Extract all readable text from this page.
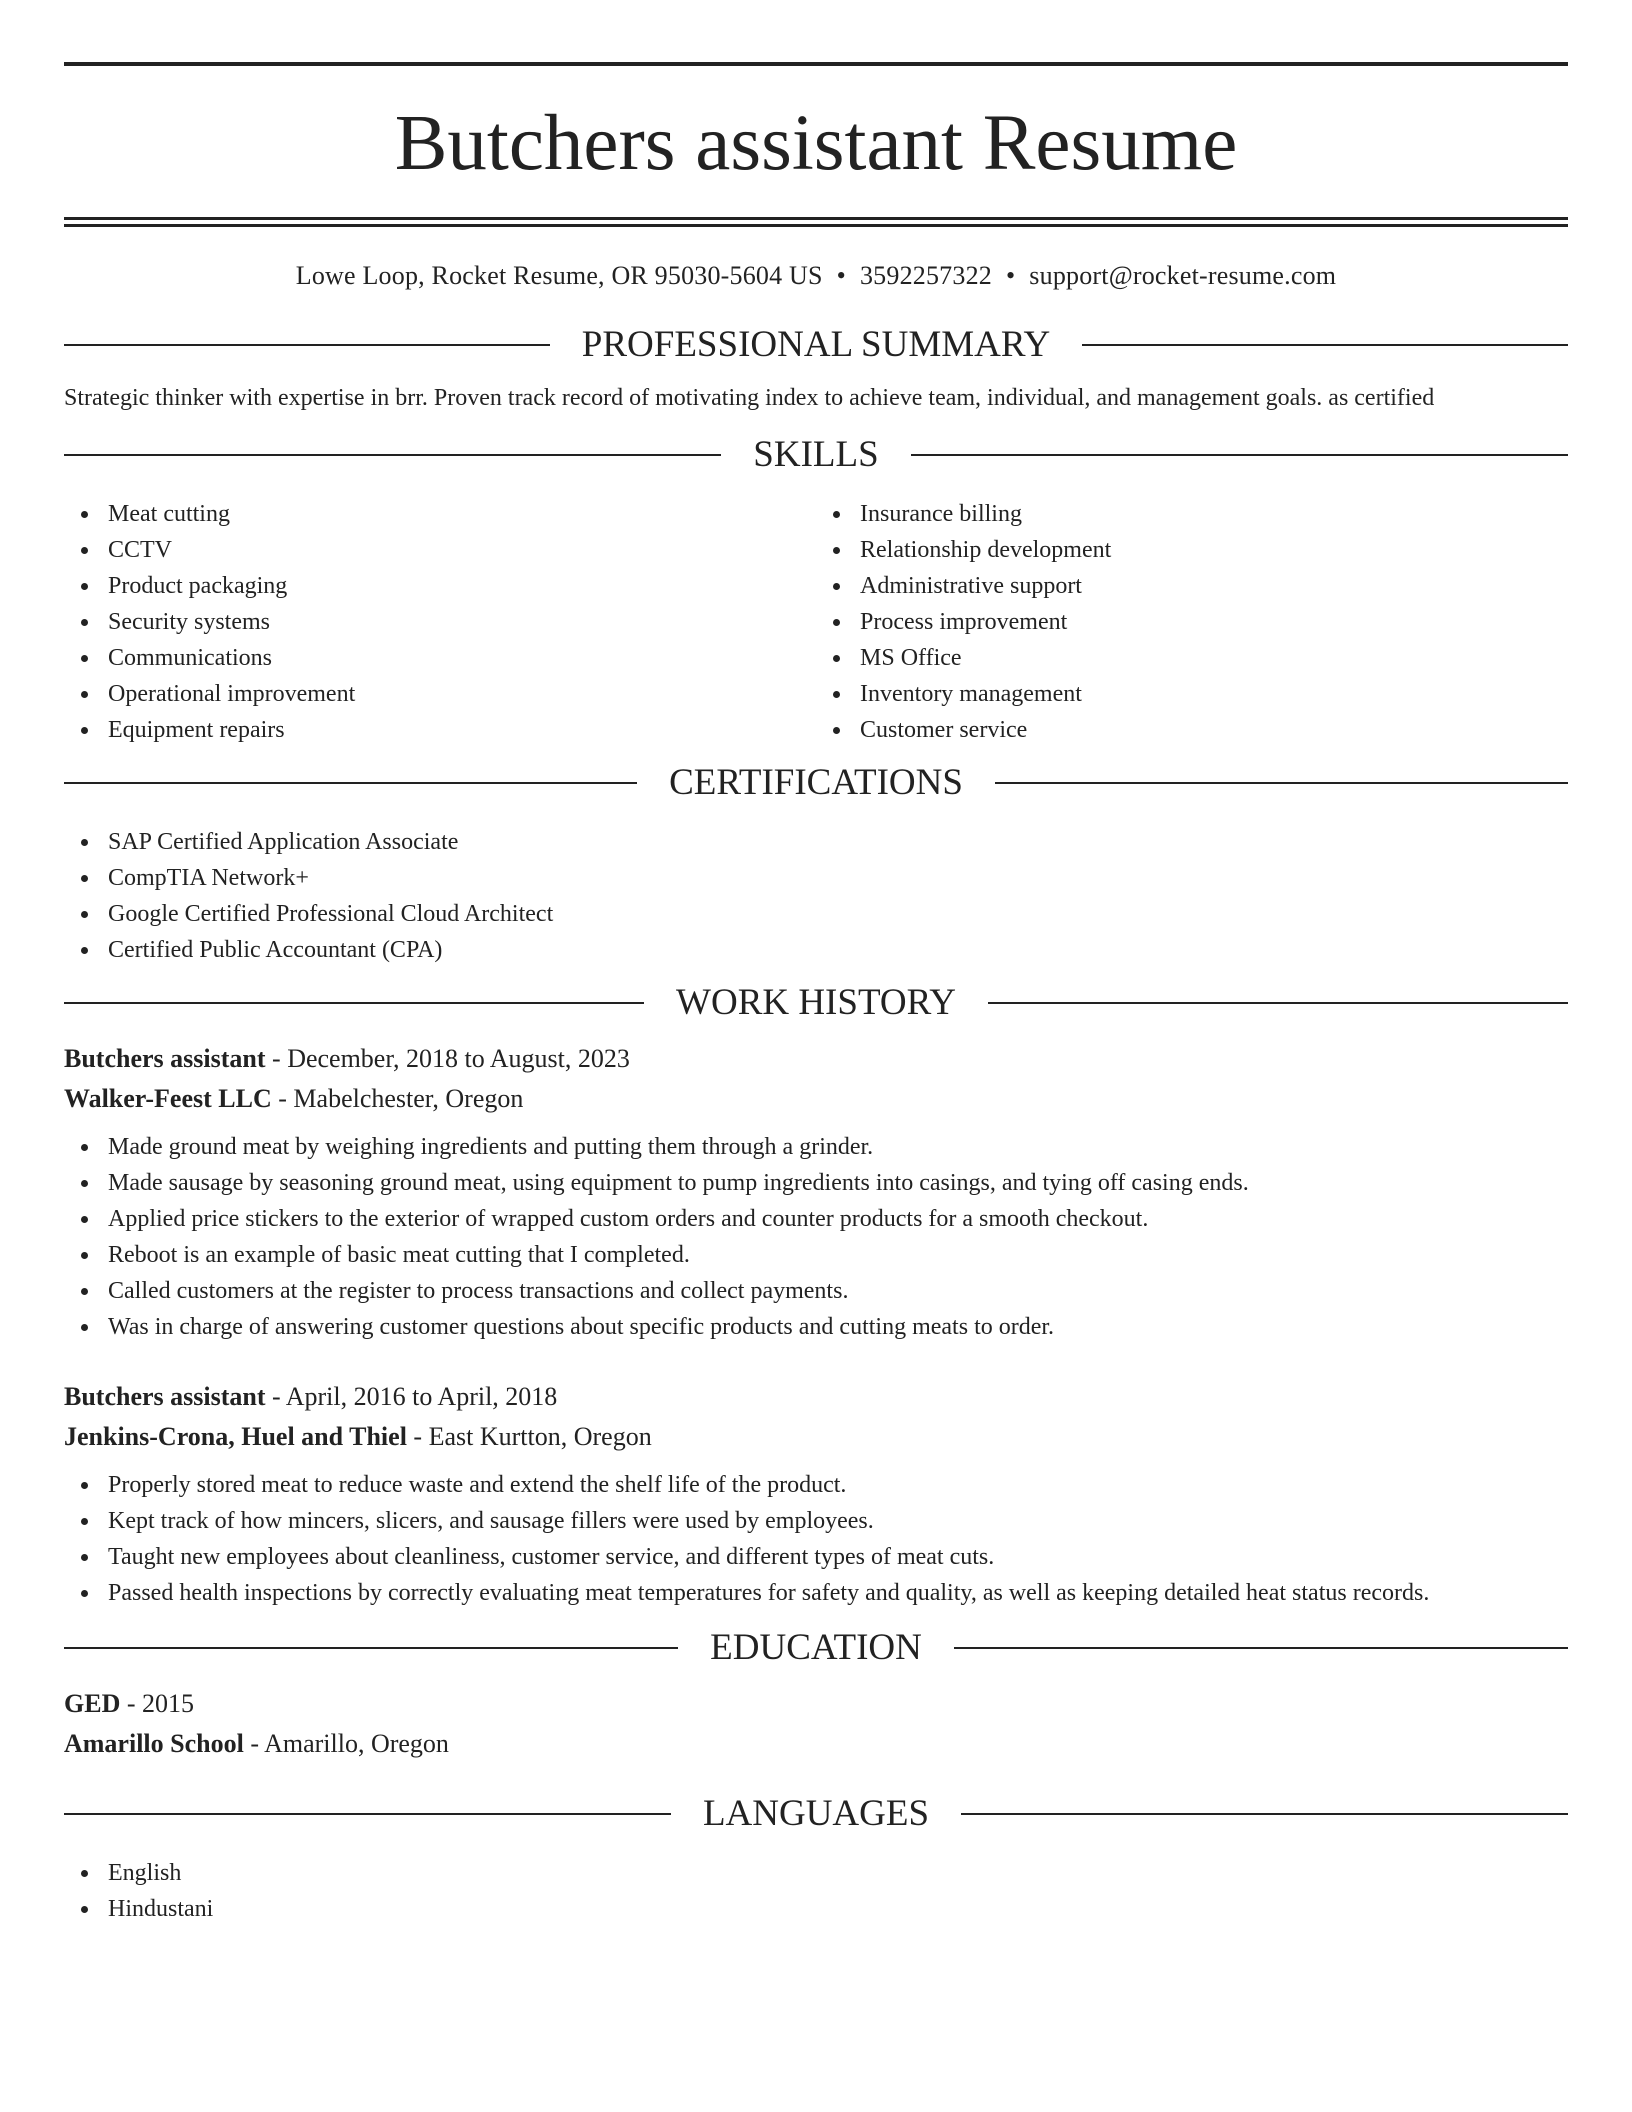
Butchers assistant Resume
Lowe Loop, Rocket Resume, OR 95030-5604 US • 3592257322 • support@rocket-resume.com
PROFESSIONAL SUMMARY

Strategic thinker with expertise in brr. Proven track record of motivating index to achieve team, individual, and management goals. as certified

SKILLS
Meat cutting
CCTV
Product packaging
Security systems
Communications
Operational improvement
Equipment repairs
Insurance billing
Relationship development
Administrative support
Process improvement
MS Office
Inventory management
Customer service
CERTIFICATIONS
SAP Certified Application Associate
CompTIA Network+
Google Certified Professional Cloud Architect
Certified Public Accountant (CPA)
WORK HISTORY
Butchers assistant - December, 2018 to August, 2023
Walker-Feest LLC - Mabelchester, Oregon
Made ground meat by weighing ingredients and putting them through a grinder.
Made sausage by seasoning ground meat, using equipment to pump ingredients into casings, and tying off casing ends.
Applied price stickers to the exterior of wrapped custom orders and counter products for a smooth checkout.
Reboot is an example of basic meat cutting that I completed.
Called customers at the register to process transactions and collect payments.
Was in charge of answering customer questions about specific products and cutting meats to order.
Butchers assistant - April, 2016 to April, 2018
Jenkins-Crona, Huel and Thiel - East Kurtton, Oregon
Properly stored meat to reduce waste and extend the shelf life of the product.
Kept track of how mincers, slicers, and sausage fillers were used by employees.
Taught new employees about cleanliness, customer service, and different types of meat cuts.
Passed health inspections by correctly evaluating meat temperatures for safety and quality, as well as keeping detailed heat status records.
EDUCATION
GED - 2015
Amarillo School - Amarillo, Oregon
LANGUAGES
English
Hindustani
